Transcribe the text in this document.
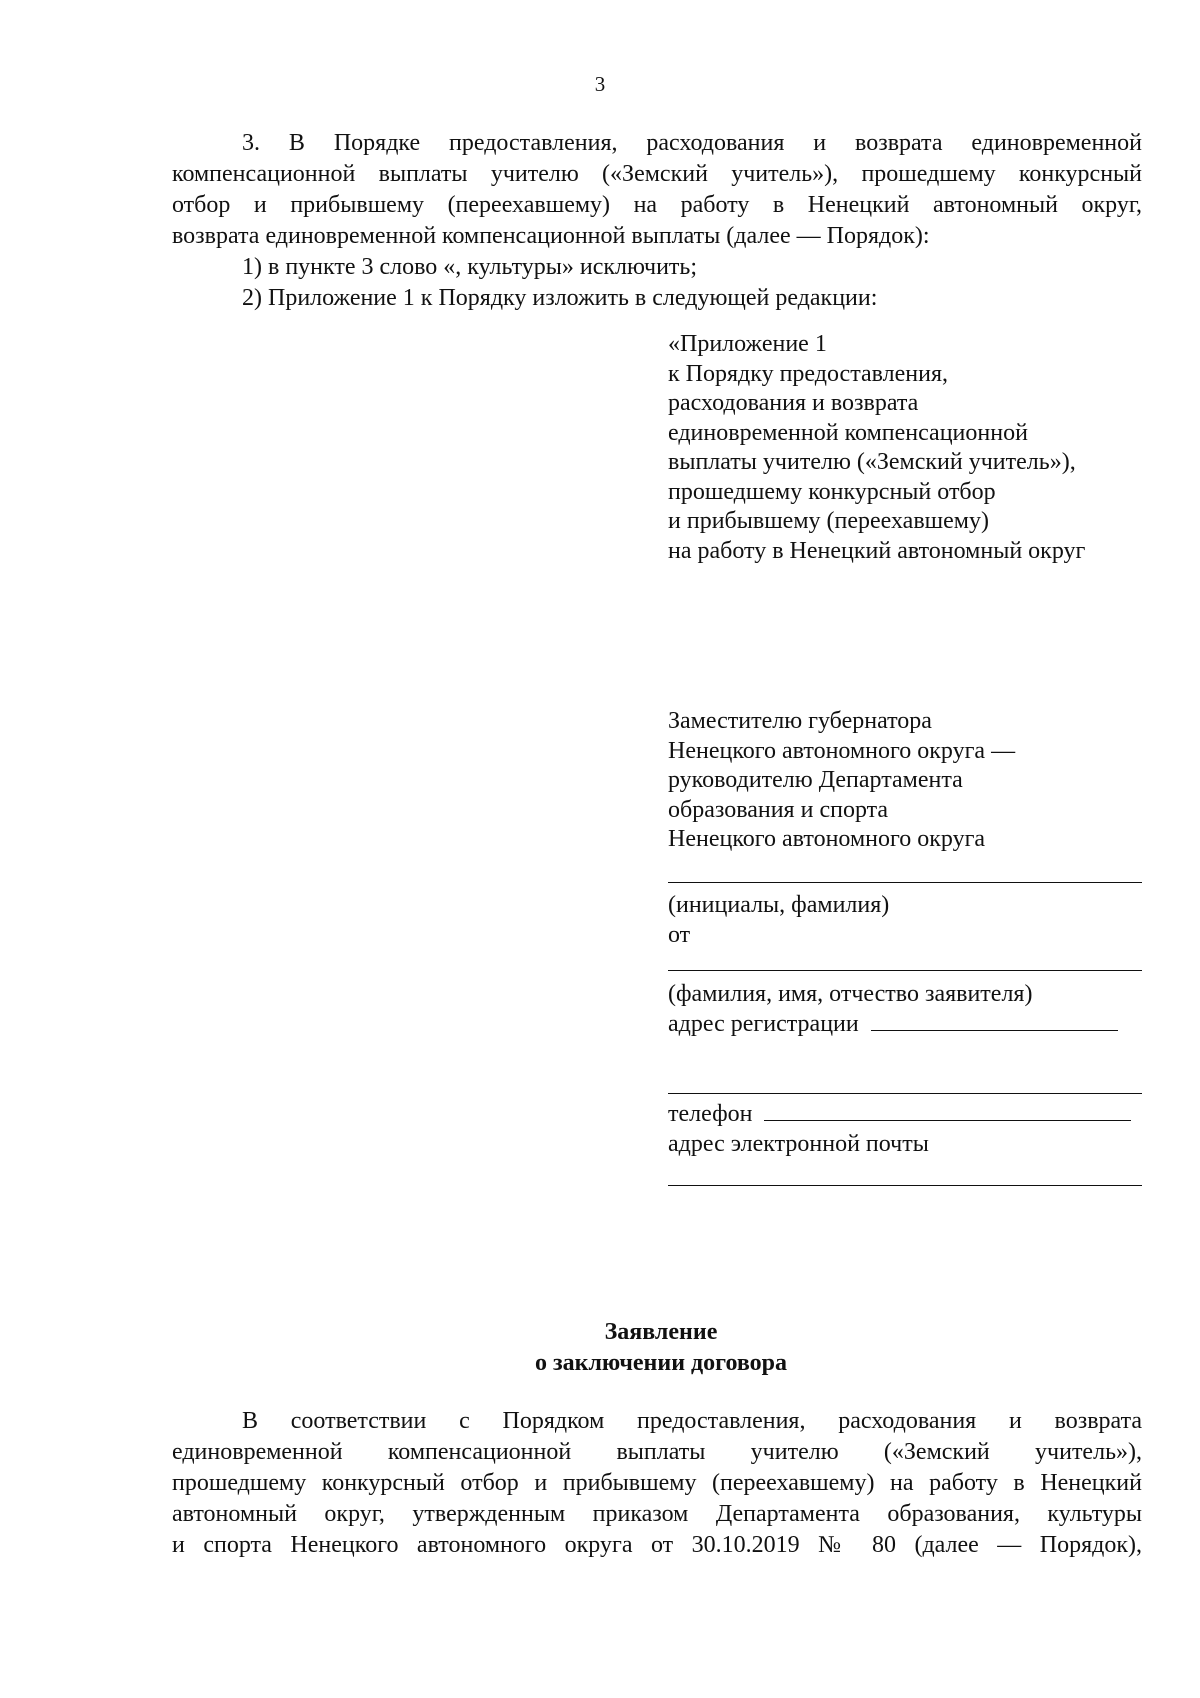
3
3. В Порядке предоставления, расходования и возврата единовременной
компенсационной выплаты учителю («Земский учитель»), прошедшему конкурсный
отбор и прибывшему (переехавшему) на работу в Ненецкий автономный округ,
возврата единовременной компенсационной выплаты (далее — Порядок):
1) в пункте 3 слово «, культуры» исключить;
2) Приложение 1 к Порядку изложить в следующей редакции:
«Приложение 1
к Порядку предоставления,
расходования и возврата
единовременной компенсационной
выплаты учителю («Земский учитель»),
прошедшему конкурсный отбор
и прибывшему (переехавшему)
на работу в Ненецкий автономный округ
Заместителю губернатора
Ненецкого автономного округа —
руководителю Департамента
образования и спорта
Ненецкого автономного округа
(инициалы, фамилия)
от
(фамилия, имя, отчество заявителя)
адрес регистрации
телефон
адрес электронной почты
Заявление
о заключении договора
В соответствии с Порядком предоставления, расходования и возврата
единовременной компенсационной выплаты учителю («Земский учитель»),
прошедшему конкурсный отбор и прибывшему (переехавшему) на работу в Ненецкий
автономный округ, утвержденным приказом Департамента образования, культуры
и спорта Ненецкого автономного округа от 30.10.2019 № 80 (далее — Порядок),
